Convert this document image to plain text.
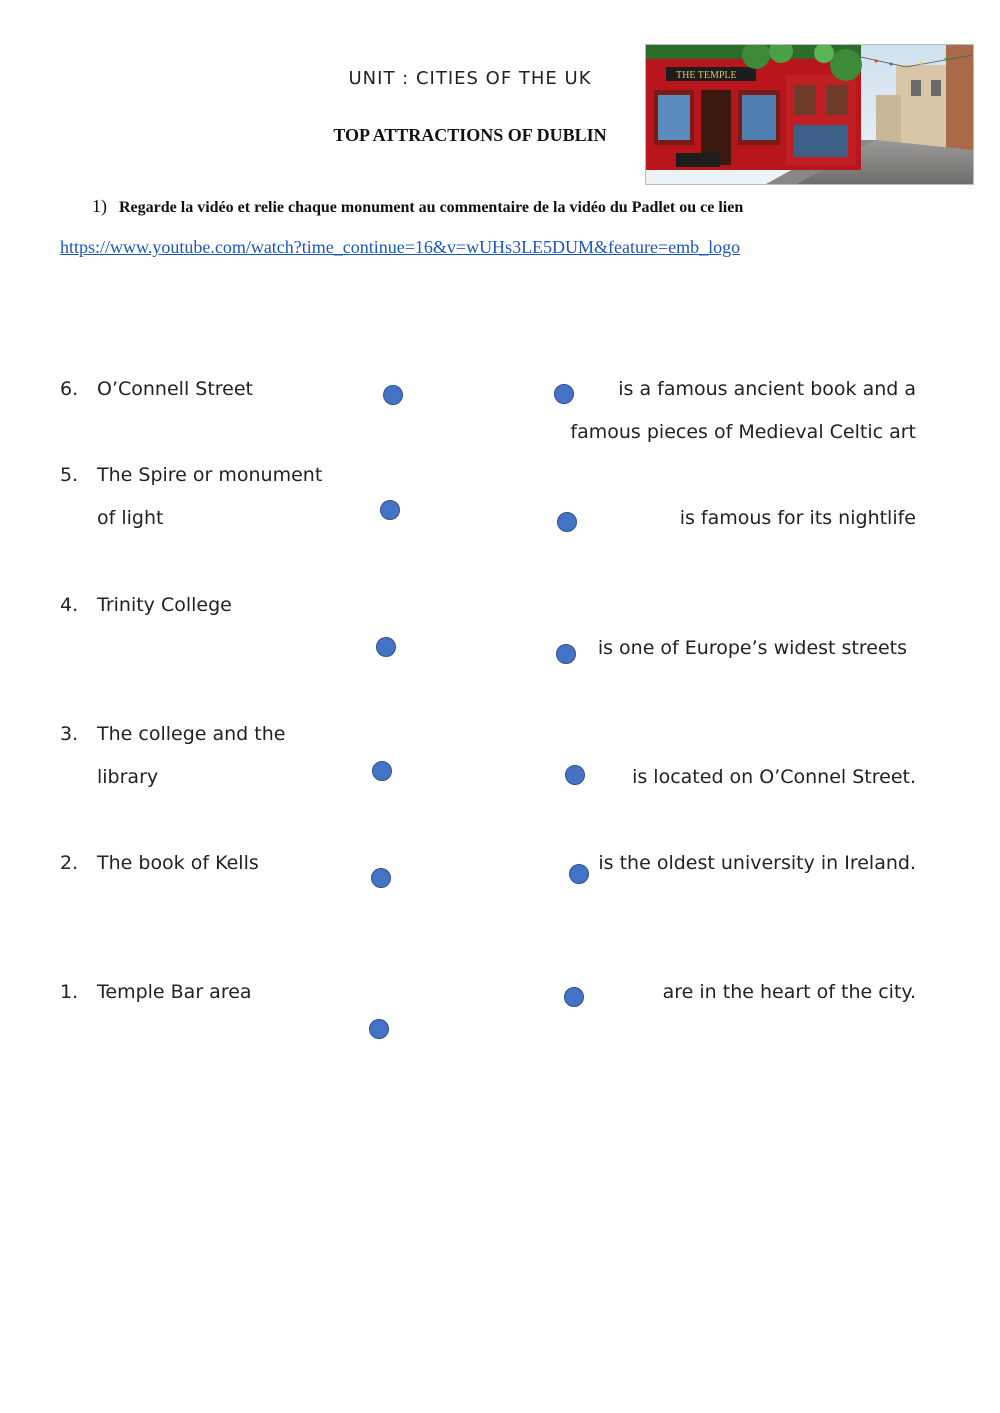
UNIT : CITIES OF THE UK
TOP ATTRACTIONS OF DUBLIN
THE TEMPLE
1) Regarde la vidéo et relie chaque monument au commentaire de la vidéo du Padlet ou ce lien
https://www.youtube.com/watch?time_continue=16&v=wUHs3LE5DUM&feature=emb_logo
6. O’Connell Street
5. The Spire or monument
of light
4. Trinity College
3. The college and the
library
2. The book of Kells
1. Temple Bar area
is a famous ancient book and a
famous pieces of Medieval Celtic art
is famous for its nightlife
is one of Europe’s widest streets
is located on O’Connel Street.
is the oldest university in Ireland.
are in the heart of the city.
